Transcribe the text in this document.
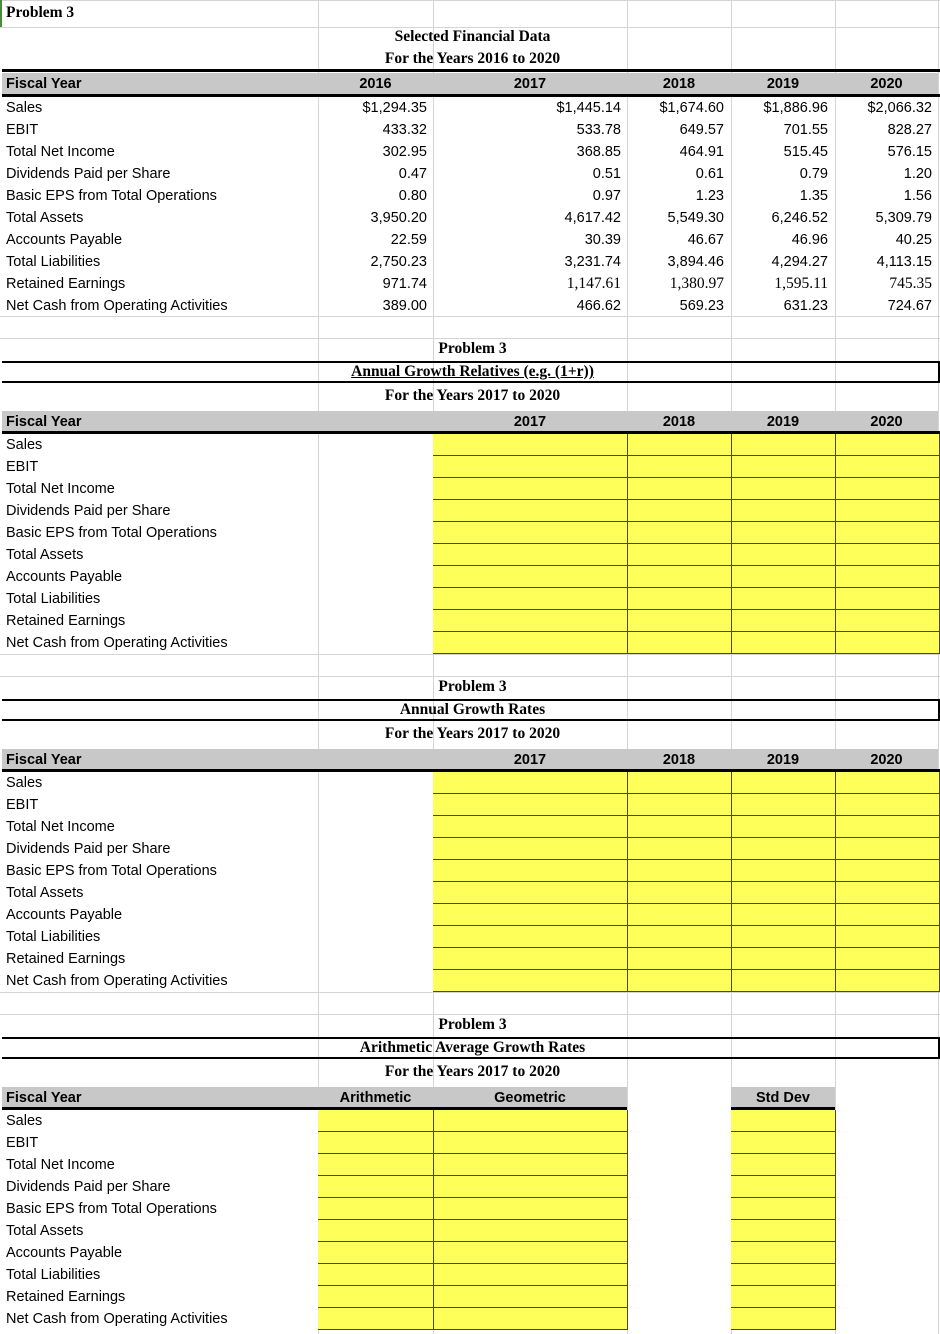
Problem 3
Selected Financial Data
For the Years 2016 to 2020
Fiscal Year	2016	2017	2018	2019	2020
Sales	$1,294.35	$1,445.14	$1,674.60	$1,886.96	$2,066.32
EBIT	433.32	533.78	649.57	701.55	828.27
Total Net Income	302.95	368.85	464.91	515.45	576.15
Dividends Paid per Share	0.47	0.51	0.61	0.79	1.20
Basic EPS from Total Operations	0.80	0.97	1.23	1.35	1.56
Total Assets	3,950.20	4,617.42	5,549.30	6,246.52	5,309.79
Accounts Payable	22.59	30.39	46.67	46.96	40.25
Total Liabilities	2,750.23	3,231.74	3,894.46	4,294.27	4,113.15
Retained Earnings	971.74	1,147.61	1,380.97	1,595.11	745.35
Net Cash from Operating Activities	389.00	466.62	569.23	631.23	724.67
Problem 3
Annual Growth Relatives (e.g. (1+r))
For the Years 2017 to 2020
Fiscal Year	2017	2018	2019	2020
Sales
EBIT
Total Net Income
Dividends Paid per Share
Basic EPS from Total Operations
Total Assets
Accounts Payable
Total Liabilities
Retained Earnings
Net Cash from Operating Activities
Problem 3
Annual Growth Rates
For the Years 2017 to 2020
Fiscal Year	2017	2018	2019	2020
Sales
EBIT
Total Net Income
Dividends Paid per Share
Basic EPS from Total Operations
Total Assets
Accounts Payable
Total Liabilities
Retained Earnings
Net Cash from Operating Activities
Problem 3
Arithmetic Average Growth Rates
For the Years 2017 to 2020
Fiscal Year	Arithmetic	Geometric	Std Dev
Sales
EBIT
Total Net Income
Dividends Paid per Share
Basic EPS from Total Operations
Total Assets
Accounts Payable
Total Liabilities
Retained Earnings
Net Cash from Operating Activities
